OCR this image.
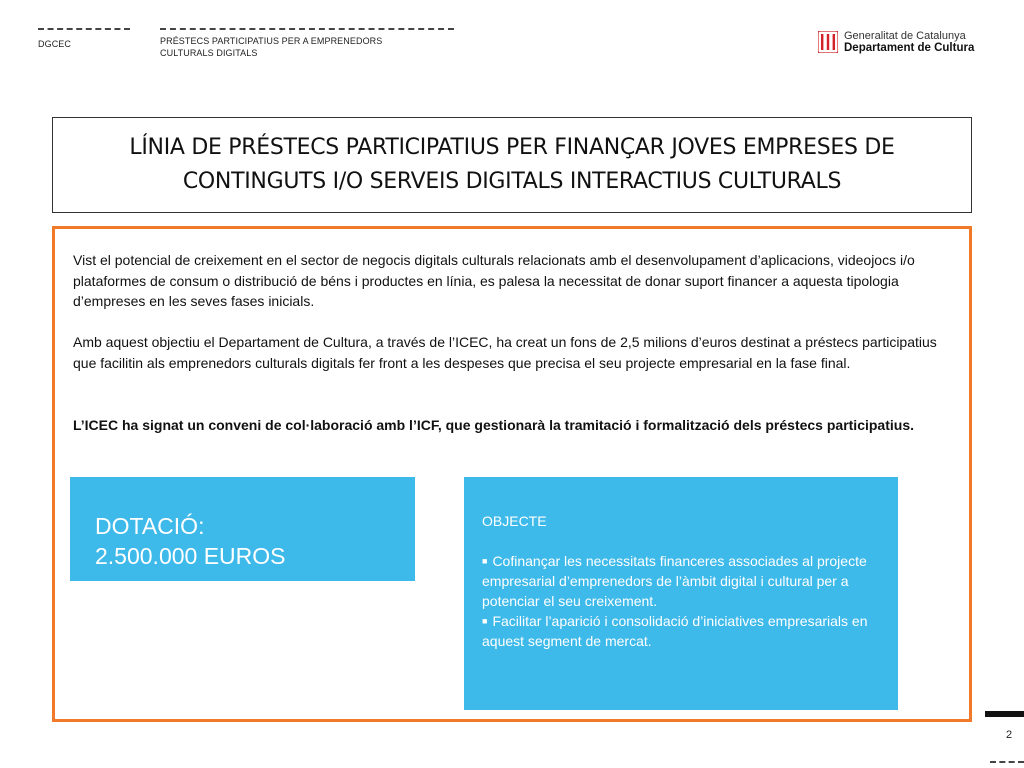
DGCEC	PRÉSTECS PARTICIPATIUS PER A EMPRENEDORS
CULTURALS DIGITALS
Generalitat de Catalunya
Departament de Cultura
LÍNIA DE PRÉSTECS PARTICIPATIUS PER FINANÇAR JOVES EMPRESES DE
CONTINGUTS I/O SERVEIS DIGITALS INTERACTIUS CULTURALS

Vist el potencial de creixement en el sector de negocis digitals culturals relacionats amb el desenvolupament d’aplicacions, videojocs i/o plataformes de consum o distribució de béns i productes en línia, es palesa la necessitat de donar suport financer a aquesta tipologia d’empreses en les seves fases inicials.

Amb aquest objectiu el Departament de Cultura, a través de l’ICEC, ha creat un fons de 2,5 milions d’euros destinat a préstecs participatius que facilitin als emprenedors culturals digitals fer front a les despeses que precisa el seu projecte empresarial en la fase final.

L’ICEC ha signat un conveni de col·laboració amb l’ICF, que gestionarà la tramitació i formalització dels préstecs participatius.

DOTACIÓ:
2.500.000 EUROS
OBJECTE
■ Cofinançar les necessitats financeres associades al projecte empresarial d’emprenedors de l’àmbit digital i cultural per a potenciar el seu creixement.
■ Facilitar l’aparició i consolidació d’iniciatives empresarials en aquest segment de mercat.
2
